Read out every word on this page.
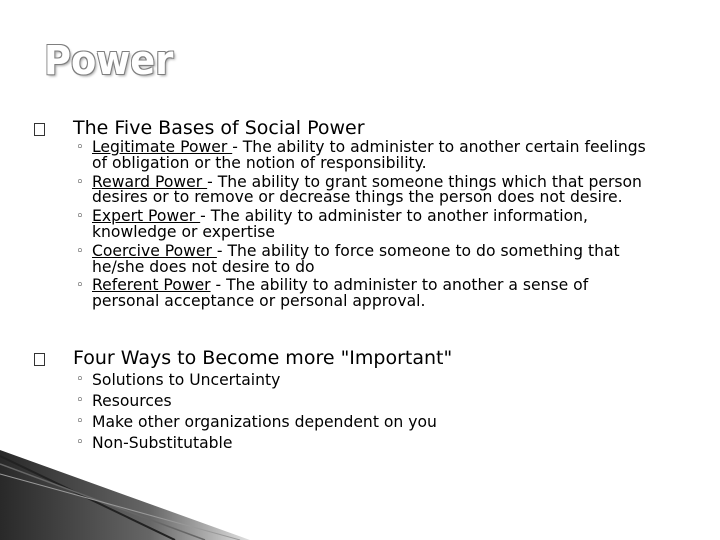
Power
The Five Bases of Social Power
◦ Legitimate Power - The ability to administer to another certain feelings of obligation or the notion of responsibility.
◦ Reward Power - The ability to grant someone things which that person desires or to remove or decrease things the person does not desire.
◦ Expert Power - The ability to administer to another information, knowledge or expertise
◦ Coercive Power - The ability to force someone to do something that he/she does not desire to do
◦ Referent Power - The ability to administer to another a sense of personal acceptance or personal approval.
Four Ways to Become more "Important"
◦ Solutions to Uncertainty
◦ Resources
◦ Make other organizations dependent on you
◦ Non-Substitutable
